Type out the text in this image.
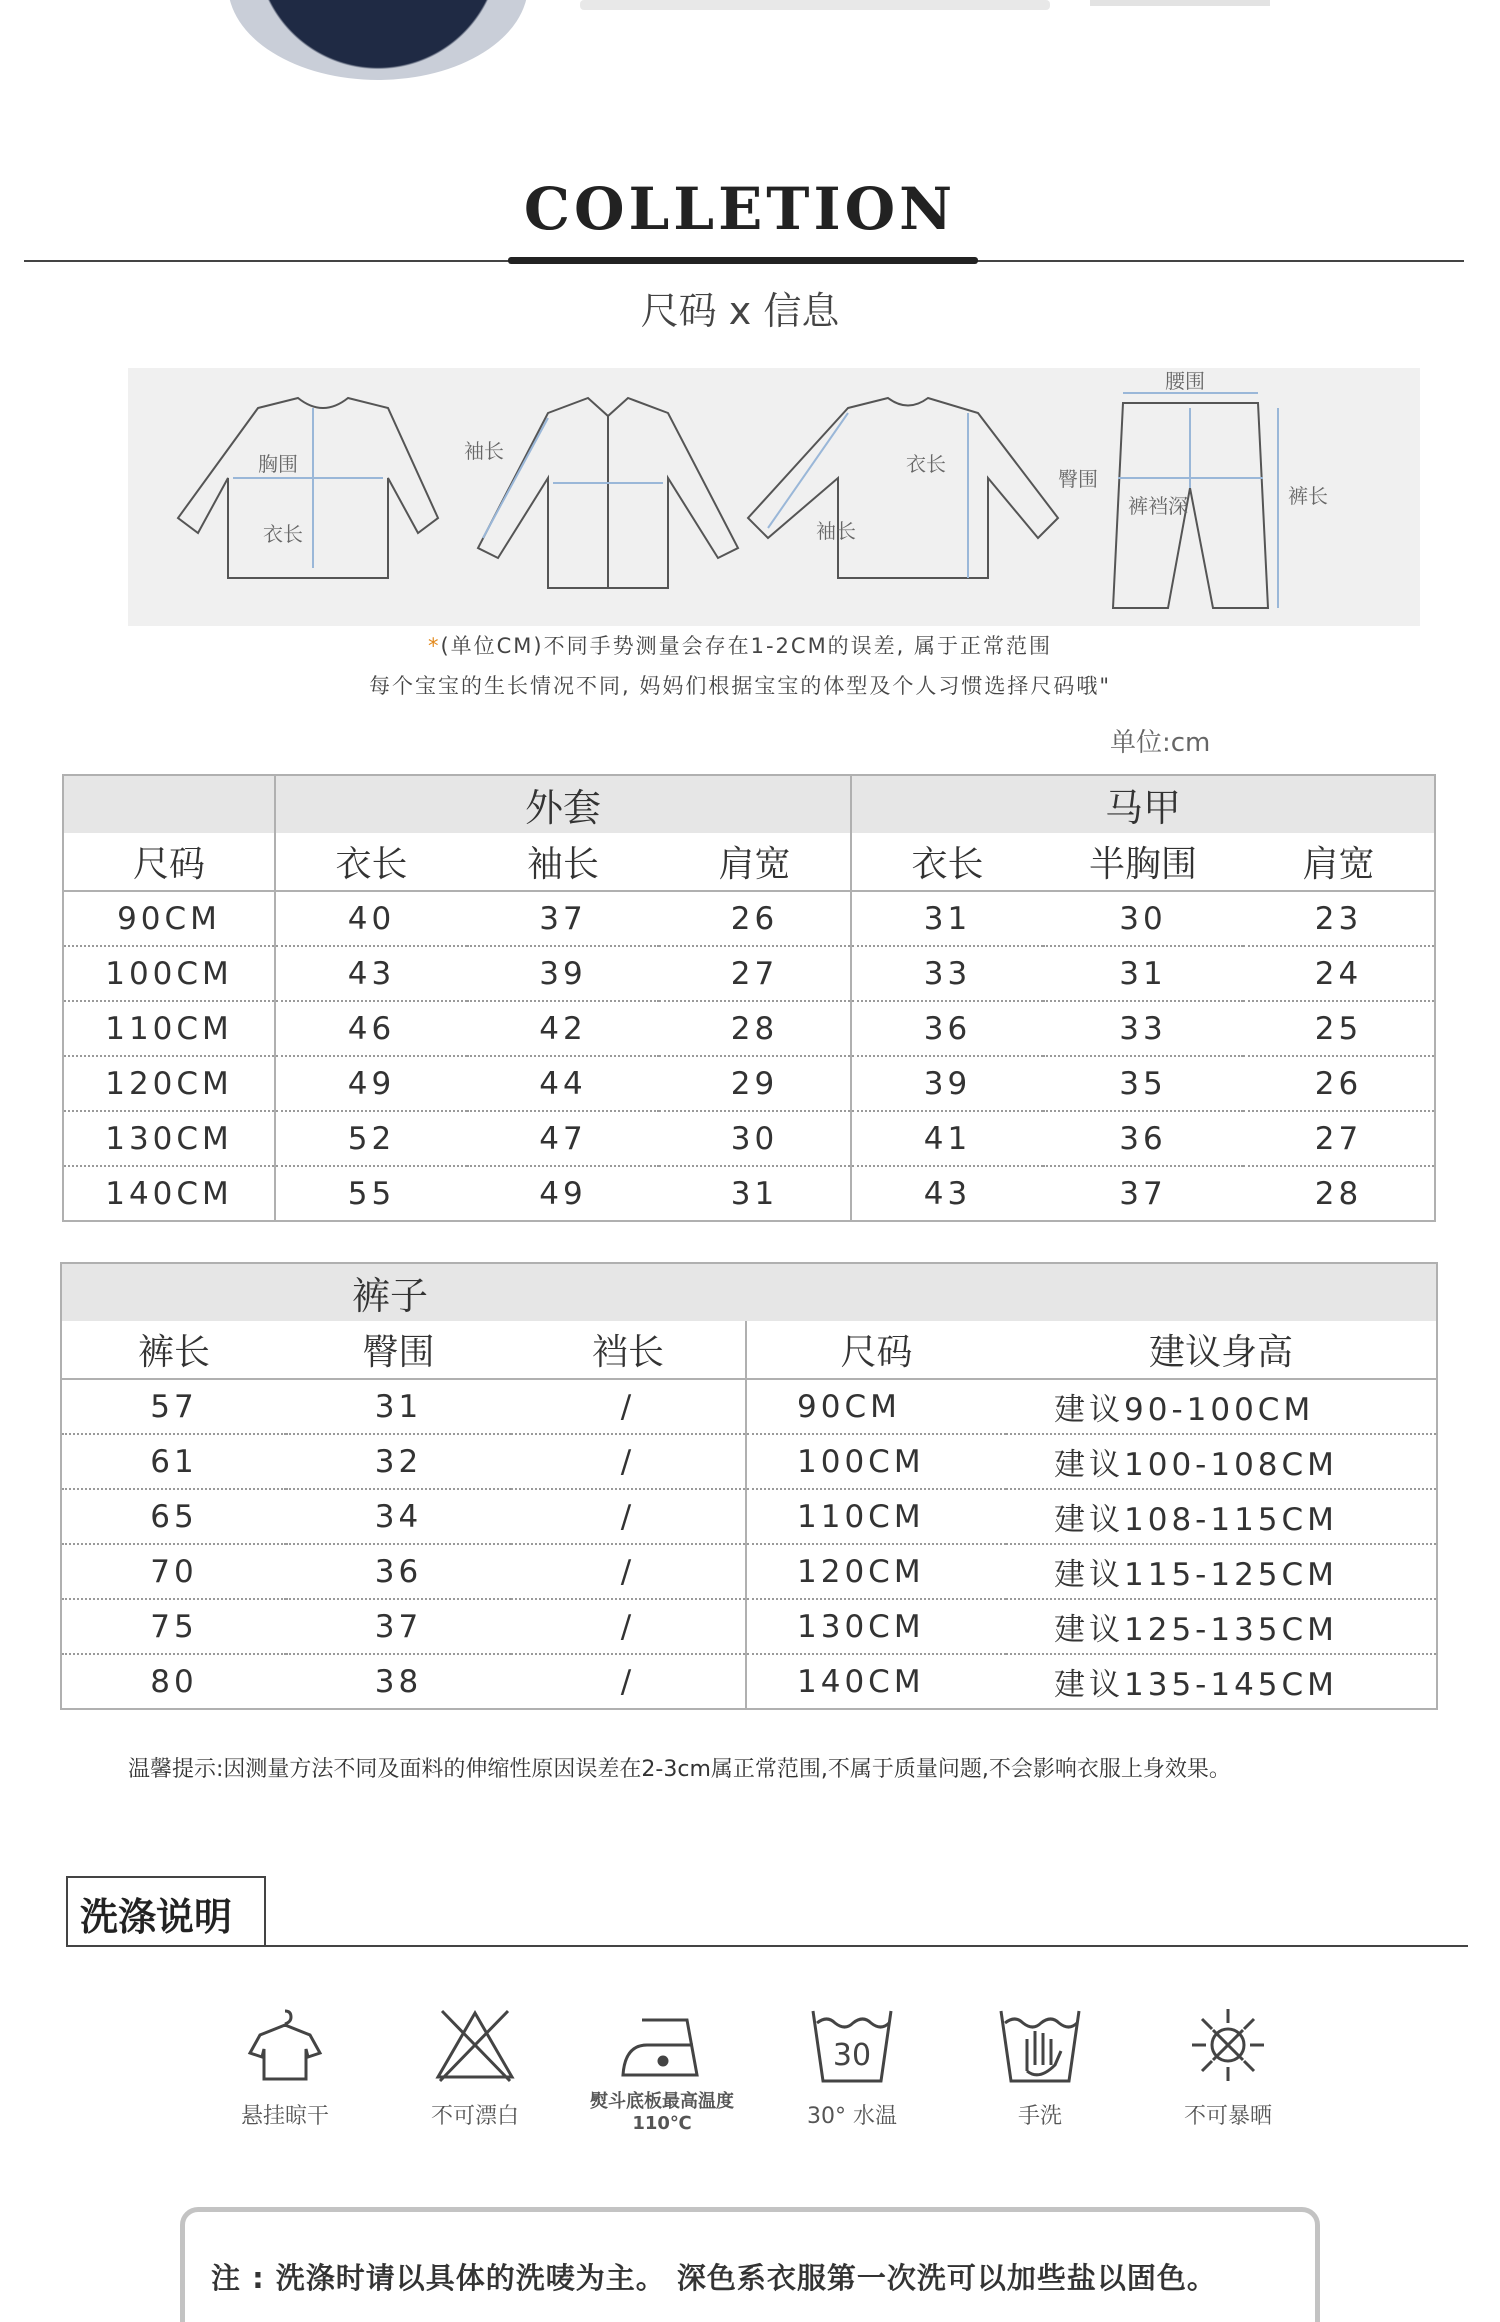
COLLETION
尺码 x 信息
胸围
衣长
袖长
衣长
袖长
腰围
臀围
裤裆深	裤长
*(单位CM)不同手势测量会存在1-2CM的误差, 属于正常范围
每个宝宝的生长情况不同, 妈妈们根据宝宝的体型及个人习惯选择尺码哦"
单位:cm
	外套			马甲		
尺码	衣长	袖长	肩宽	衣长	半胸围	肩宽
90CM	40	37	26	31	30	23
100CM	43	39	27	33	31	24
110CM	46	42	28	36	33	25
120CM	49	44	29	39	35	26
130CM	52	47	30	41	36	27
140CM	55	49	31	43	37	28
裤子				
裤长	臀围	裆长	尺码	建议身高
57	31	/	90CM	建议90-100CM
61	32	/	100CM	建议100-108CM
65	34	/	110CM	建议108-115CM
70	36	/	120CM	建议115-125CM
75	37	/	130CM	建议125-135CM
80	38	/	140CM	建议135-145CM
温馨提示:因测量方法不同及面料的伸缩性原因误差在2-3cm属正常范围,不属于质量问题,不会影响衣服上身效果。
洗涤说明
悬挂晾干	不可漂白
熨斗底板最高温度110℃
30
30° 水温	手洗	不可暴晒
注 : 洗涤时请以具体的洗唛为主。 深色系衣服第一次洗可以加些盐以固色。
